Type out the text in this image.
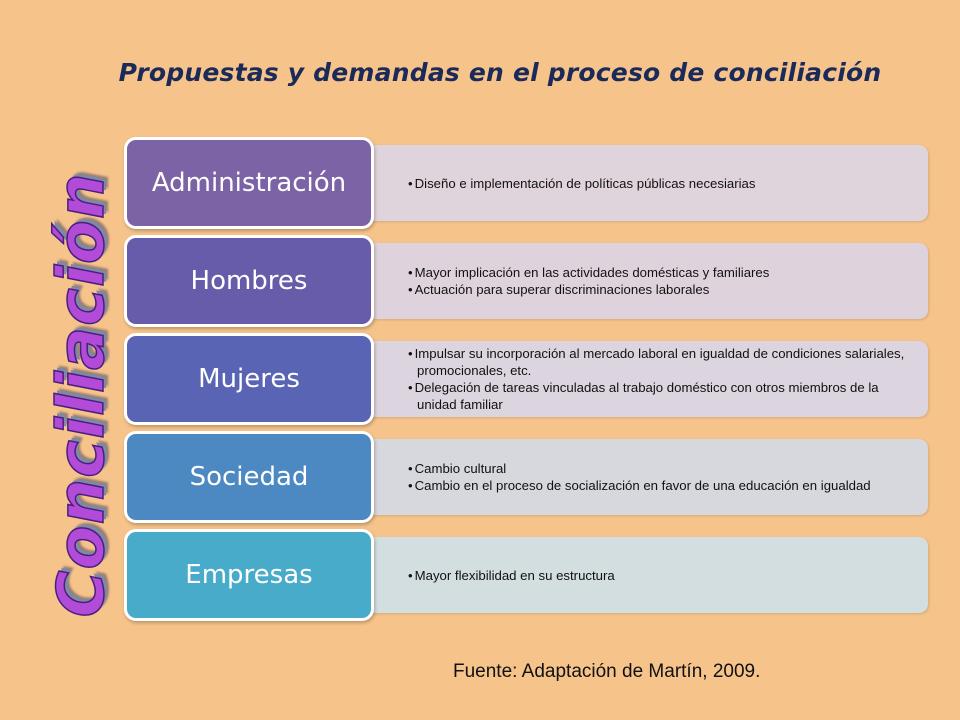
Propuestas y demandas en el proceso de conciliación
Conciliación
•	Diseño e implementación de políticas públicas necesiarias
Administración
• Mayor implicación en las actividades domésticas y familiares
• Actuación para superar discriminaciones laborales
Hombres
• Impulsar su incorporación al mercado laboral en igualdad de condiciones salariales, promocionales, etc.
• Delegación de tareas vinculadas al trabajo doméstico con otros miembros de la unidad familiar
Mujeres
• Cambio cultural
• Cambio en el proceso de socialización en favor de una educación en igualdad
Sociedad
• Mayor flexibilidad en su estructura
Empresas
Fuente: Adaptación de Martín, 2009.
